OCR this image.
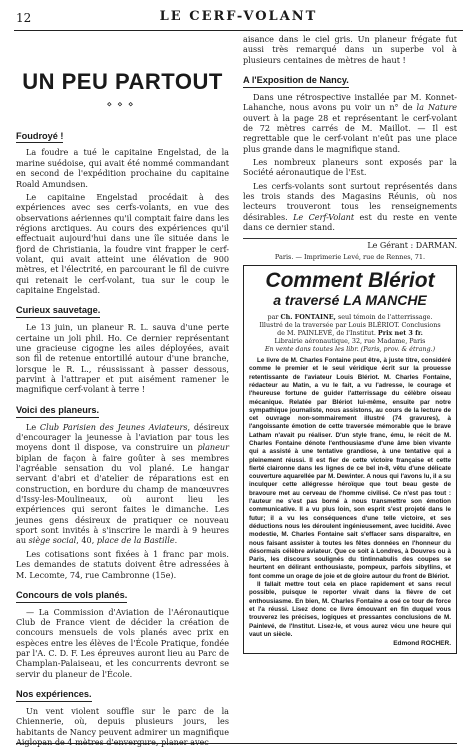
12	LE CERF-VOLANT
UN PEU PARTOUT
⋄⋄⋄
Foudroyé !

La foudre a tué le capitaine Engelstad, de la marine suédoise, qui avait été nommé commandant en second de l'expédition prochaine du capitaine Roald Amundsen.

Le capitaine Engelstad procédait à des expériences avec ses cerfs-volants, en vue des observations aériennes qu'il comptait faire dans les régions arctiques. Au cours des expériences qu'il effectuait aujourd'hui dans une île située dans le fjord de Christiania, la foudre vint frapper le cerf-volant, qui avait atteint une élévation de 900 mètres, et l'électrité, en parcourant le fil de cuivre qui retenait le cerf-volant, tua sur le coup le capitaine Engelstad.

Curieux sauvetage.

Le 13 juin, un planeur R. L. sauva d'une perte certaine un joli phil. Ho. Ce dernier représentant une gracieuse cigogne les ailes déployées, avait son fil de retenue entortillé autour d'une branche, lorsque le R. L., réussissant à passer dessous, parvint à l'attraper et put aisément ramener le magnifique cerf-volant à terre !

Voici des planeurs.

Le Club Parisien des Jeunes Aviateurs, désireux d'encourager la jeunesse à l'aviation par tous les moyens dont il dispose, va construire un planeur biplan de façon à faire goûter à ses membres l'agréable sensation du vol plané. Le hangar servant d'abri et d'atelier de réparations est en construction, en bordure du champ de manœuvres d'Issy-les-Moulineaux, où auront lieu les expériences qui seront faites le dimanche. Les jeunes gens désireux de pratiquer ce nouveau sport sont invités à s'inscrire le mardi à 9 heures au siège social, 40, place de la Bastille.

Les cotisations sont fixées à 1 franc par mois. Les demandes de statuts doivent être adressées à M. Lecomte, 74, rue Cambronne (15e).

Concours de vols planés.

— La Commission d'Aviation de l'Aéronautique Club de France vient de décider la création de concours mensuels de vols planés avec prix en espèces entre les élèves de l'École Pratique, fondée par l'A. C. D. F. Les épreuves auront lieu au Parc de Champlan-Palaiseau, et les concurrents devront se servir du planeur de l'École.

Nos expériences.

Un vent violent souffle sur le parc de la Chiennerie, où, depuis plusieurs jours, les habitants de Nancy peuvent admirer un magnifique Aiglopan de 4 mètres d'envergure, planer avec

aisance dans le ciel gris. Un planeur frégate fut aussi très remarqué dans un superbe vol à plusieurs centaines de mètres de haut !

A l'Exposition de Nancy.

Dans une rétrospective installée par M. Konnet-Lahanche, nous avons pu voir un n° de la Nature ouvert à la page 28 et représentant le cerf-volant de 72 mètres carrés de M. Maillot. — Il est regrettable que le cerf-volant n'eût pas une place plus grande dans le magnifique stand.

Les nombreux planeurs sont exposés par la Société aéronautique de l'Est.

Les cerfs-volants sont surtout représentés dans les trois stands des Magasins Réunis, où nos lecteurs trouveront tous les renseignements désirables. Le Cerf-Volant est du reste en vente dans ce dernier stand.

Le Gérant : DARMAN.
Paris. — Imprimerie Levé, rue de Rennes, 71.
Comment Blériot
a traversé LA MANCHE
par Ch. FONTAINE, seul témoin de l'atterrissage.
Illustré de la traversée par Louis BLÉRIOT. Conclusions
de M. PAINLEVÉ, de l'Institut. Prix net 3 fr.
Librairie aéronautique, 32, rue Madame, Paris
En vente dans toutes les libr. (Paris, prov. & étrang.)

Le livre de M. Charles Fontaine peut être, à juste titre, considéré comme le premier et le seul véridique écrit sur la prouesse retentissante de l'aviateur Louis Blériot. M. Charles Fontaine, rédacteur au Matin, a vu le fait, a vu l'adresse, le courage et l'heureuse fortune de guider l'atterrissage du célèbre oiseau mécanique. Relatée par Blériot lui-même, ensuite par notre sympathique journaliste, nous assistons, au cours de la lecture de cet ouvrage non-sommairement illustré (74 gravures), à l'angoissante émotion de cette traversée mémorable que le brave Latham n'avait pu réaliser. D'un style franc, ému, le récit de M. Charles Fontaine dénote l'enthousiasme d'une âme bien vivante qui a assisté à une tentative grandiose, à une tentative qui a pleinement réussi. Il est fier de cette victoire française et cette fierté claironne dans les lignes de ce bel in-8, vêtu d'une délicate couverture aquarellée par M. Dewinter. A nous qui l'avons lu, il a su inculquer cette allégresse héroïque que tout beau geste de bravoure met au cerveau de l'homme civilisé. Ce n'est pas tout : l'auteur ne s'est pas borné à nous transmettre son émotion communicative. Il a vu plus loin, son esprit s'est projeté dans le futur; il a vu les conséquences d'une telle victoire, et ses déductions nous les déroulent ingénieusement, avec lucidité. Avec modestie, M. Charles Fontaine sait s'effacer sans disparaître, en nous faisant assister à toutes les fêtes données en l'honneur du désormais célèbre aviateur. Que ce soit à Londres, à Douvres ou à Paris, les discours soulignés du tintinnabulis des coupes se heurtent en délirant enthousiaste, pompeux, parfois sibyllins, et font comme un orage de joie et de gloire autour du front de Blériot.

Il fallait mettre tout cela en place rapidement et sans recul possible, puisque le reporter vivait dans la fièvre de cet enthousiasme. En bien, M. Charles Fontaine a osé ce tour de force et l'a réussi. Lisez donc ce livre émouvant en fin duquel vous trouverez les précises, logiques et pressantes conclusions de M. Painlevé, de l'Institut. Lisez-le, et vous aurez vécu une heure qui vaut un siècle.

Edmond ROCHER.
